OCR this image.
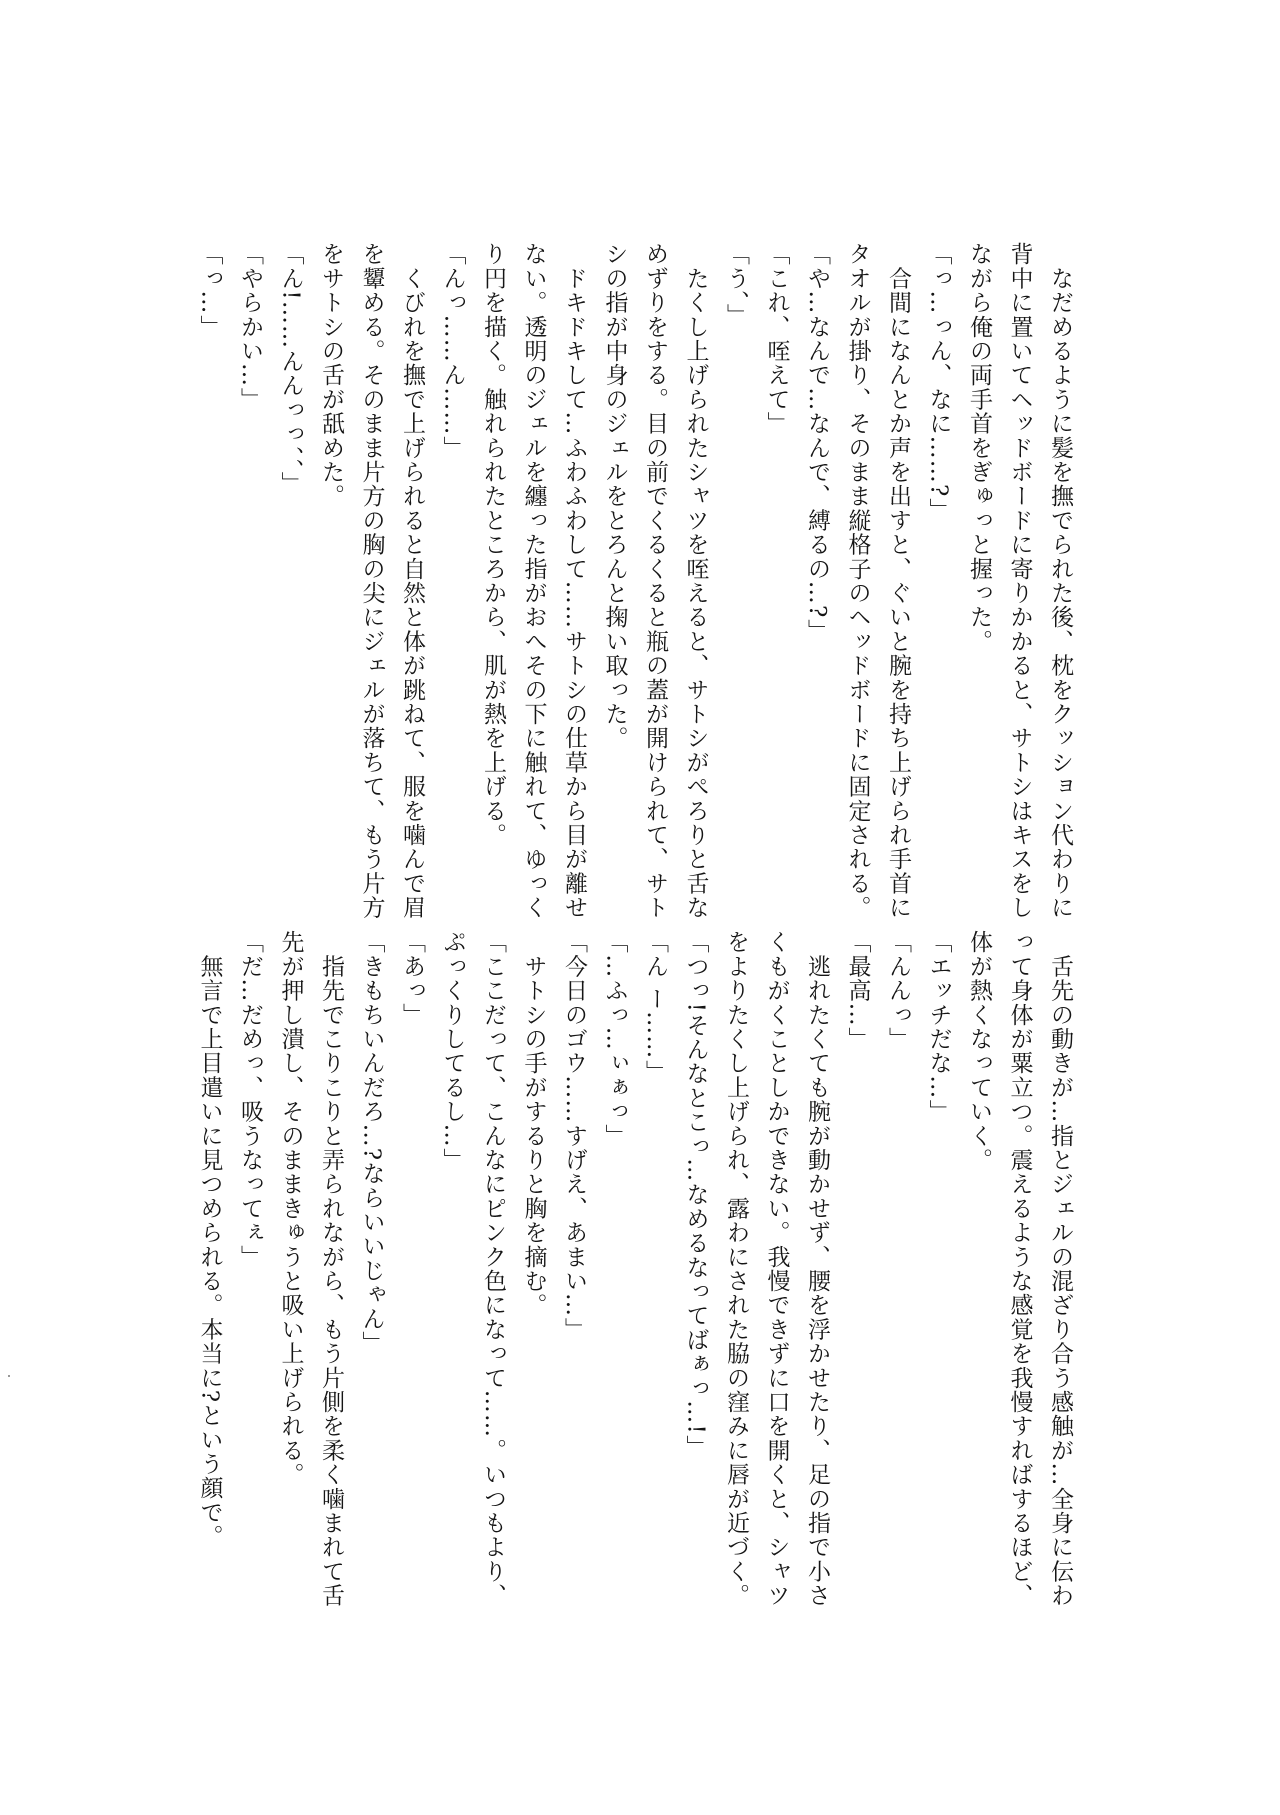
　なだめるように髪を撫でられた後、枕をクッション代わりに
背中に置いてヘッドボードに寄りかかると、サトシはキスをし
ながら俺の両手首をぎゅっと握った。
「っ…っん、なに……?」
　合間になんとか声を出すと、ぐいと腕を持ち上げられ手首に
タオルが掛り、そのまま縦格子のヘッドボードに固定される。
「や…なんで…なんで、縛るの…?」
「これ、咥えて」
「う、」
　たくし上げられたシャツを咥えると、サトシがぺろりと舌な
めずりをする。目の前でくるくると瓶の蓋が開けられて、サト
シの指が中身のジェルをとろんと掬い取った。
　ドキドキして…ふわふわして……サトシの仕草から目が離せ
ない。透明のジェルを纏った指がおへその下に触れて、ゆっく
り円を描く。触れられたところから、肌が熱を上げる。
「んっ……ん……」
　くびれを撫で上げられると自然と体が跳ねて、服を噛んで眉
を顰める。そのまま片方の胸の尖にジェルが落ちて、もう片方
をサトシの舌が舐めた。
「ん!……んんっっ、、」
「やらかい…」
「っ…」
　舌先の動きが…指とジェルの混ざり合う感触が…全身に伝わ
って身体が粟立つ。震えるような感覚を我慢すればするほど、
体が熱くなっていく。
「エッチだな…」
「んんっ」
「最高…」
　逃れたくても腕が動かせず、腰を浮かせたり、足の指で小さ
くもがくことしかできない。我慢できずに口を開くと、シャツ
をよりたくし上げられ、露わにされた脇の窪みに唇が近づく。
「つっ!そんなとこっ…なめるなってばぁっ…!」
「ん ー……」
「…ふっ…ぃぁっ」
「今日のゴウ……すげえ、あまい…」
　サトシの手がするりと胸を摘む。
「ここだって、こんなにピンク色になって……。いつもより、
ぷっくりしてるし…」
「あっ」
「きもちいんだろ…?ならいいじゃん」
　指先でこりこりと弄られながら、もう片側を柔く噛まれて舌
先が押し潰し、そのままきゅうと吸い上げられる。
「だ…だめっ、吸うなってぇ」
　無言で上目遣いに見つめられる。本当に?という顔で。
